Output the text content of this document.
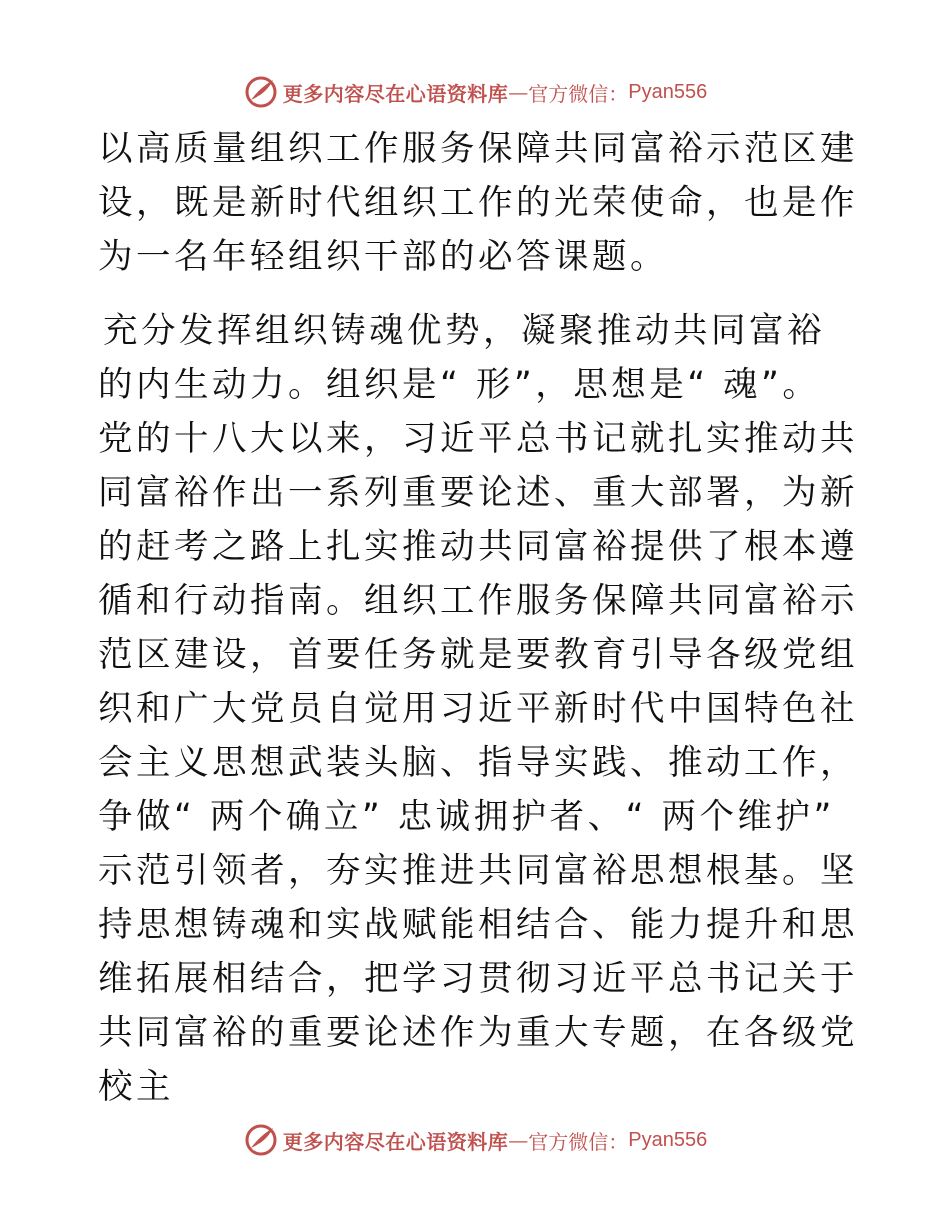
更多内容尽在心语资料库 — 官方微信： Pyan556

以高质量组织工作服务保障共同富裕示范区建设，既是新时代组织工作的光荣使命，也是作为一名年轻组织干部的必答课题。

充分发挥组织铸魂优势，凝聚推动共同富裕的内生动力。组织是“ 形”，思想是“ 魂”。党的十八大以来，习近平总书记就扎实推动共同富裕作出一系列重要论述、重大部署，为新的赶考之路上扎实推动共同富裕提供了根本遵循和行动指南。组织工作服务保障共同富裕示范区建设，首要任务就是要教育引导各级党组织和广大党员自觉用习近平新时代中国特色社会主义思想武装头脑、指导实践、推动工作，争做“ 两个确立” 忠诚拥护者、“ 两个维护” 示范引领者，夯实推进共同富裕思想根基。坚持思想铸魂和实战赋能相结合、能力提升和思维拓展相结合，把学习贯彻习近平总书记关于共同富裕的重要论述作为重大专题，在各级党校主

更多内容尽在心语资料库 — 官方微信： Pyan556
